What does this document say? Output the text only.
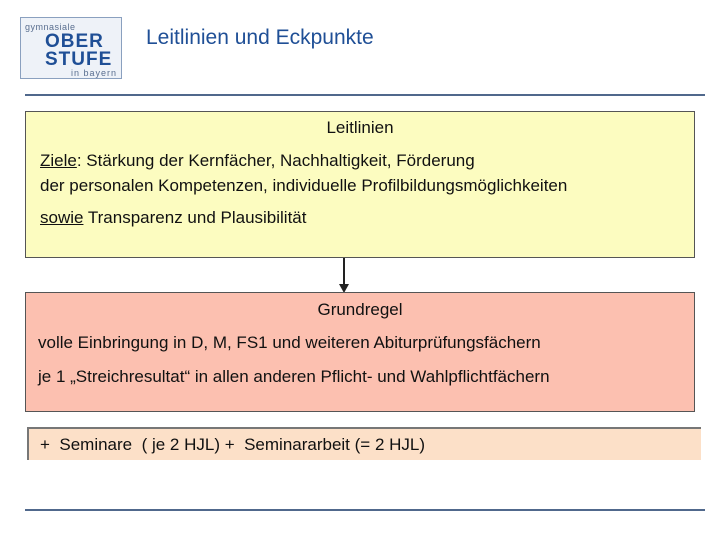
gymnasiale
OBER
STUFE
in bayern
Leitlinien und Eckpunkte
Leitlinien
Ziele: Stärkung der Kernfächer, Nachhaltigkeit, Förderung
der personalen Kompetenzen, individuelle Profilbildungsmöglichkeiten
sowie Transparenz und Plausibilität
Grundregel
volle Einbringung in D, M, FS1 und weiteren Abiturprüfungsfächern
je 1 „Streichresultat“ in allen anderen Pflicht- und Wahlpflichtfächern
+  Seminare  ( je 2 HJL) +  Seminararbeit (= 2 HJL)
